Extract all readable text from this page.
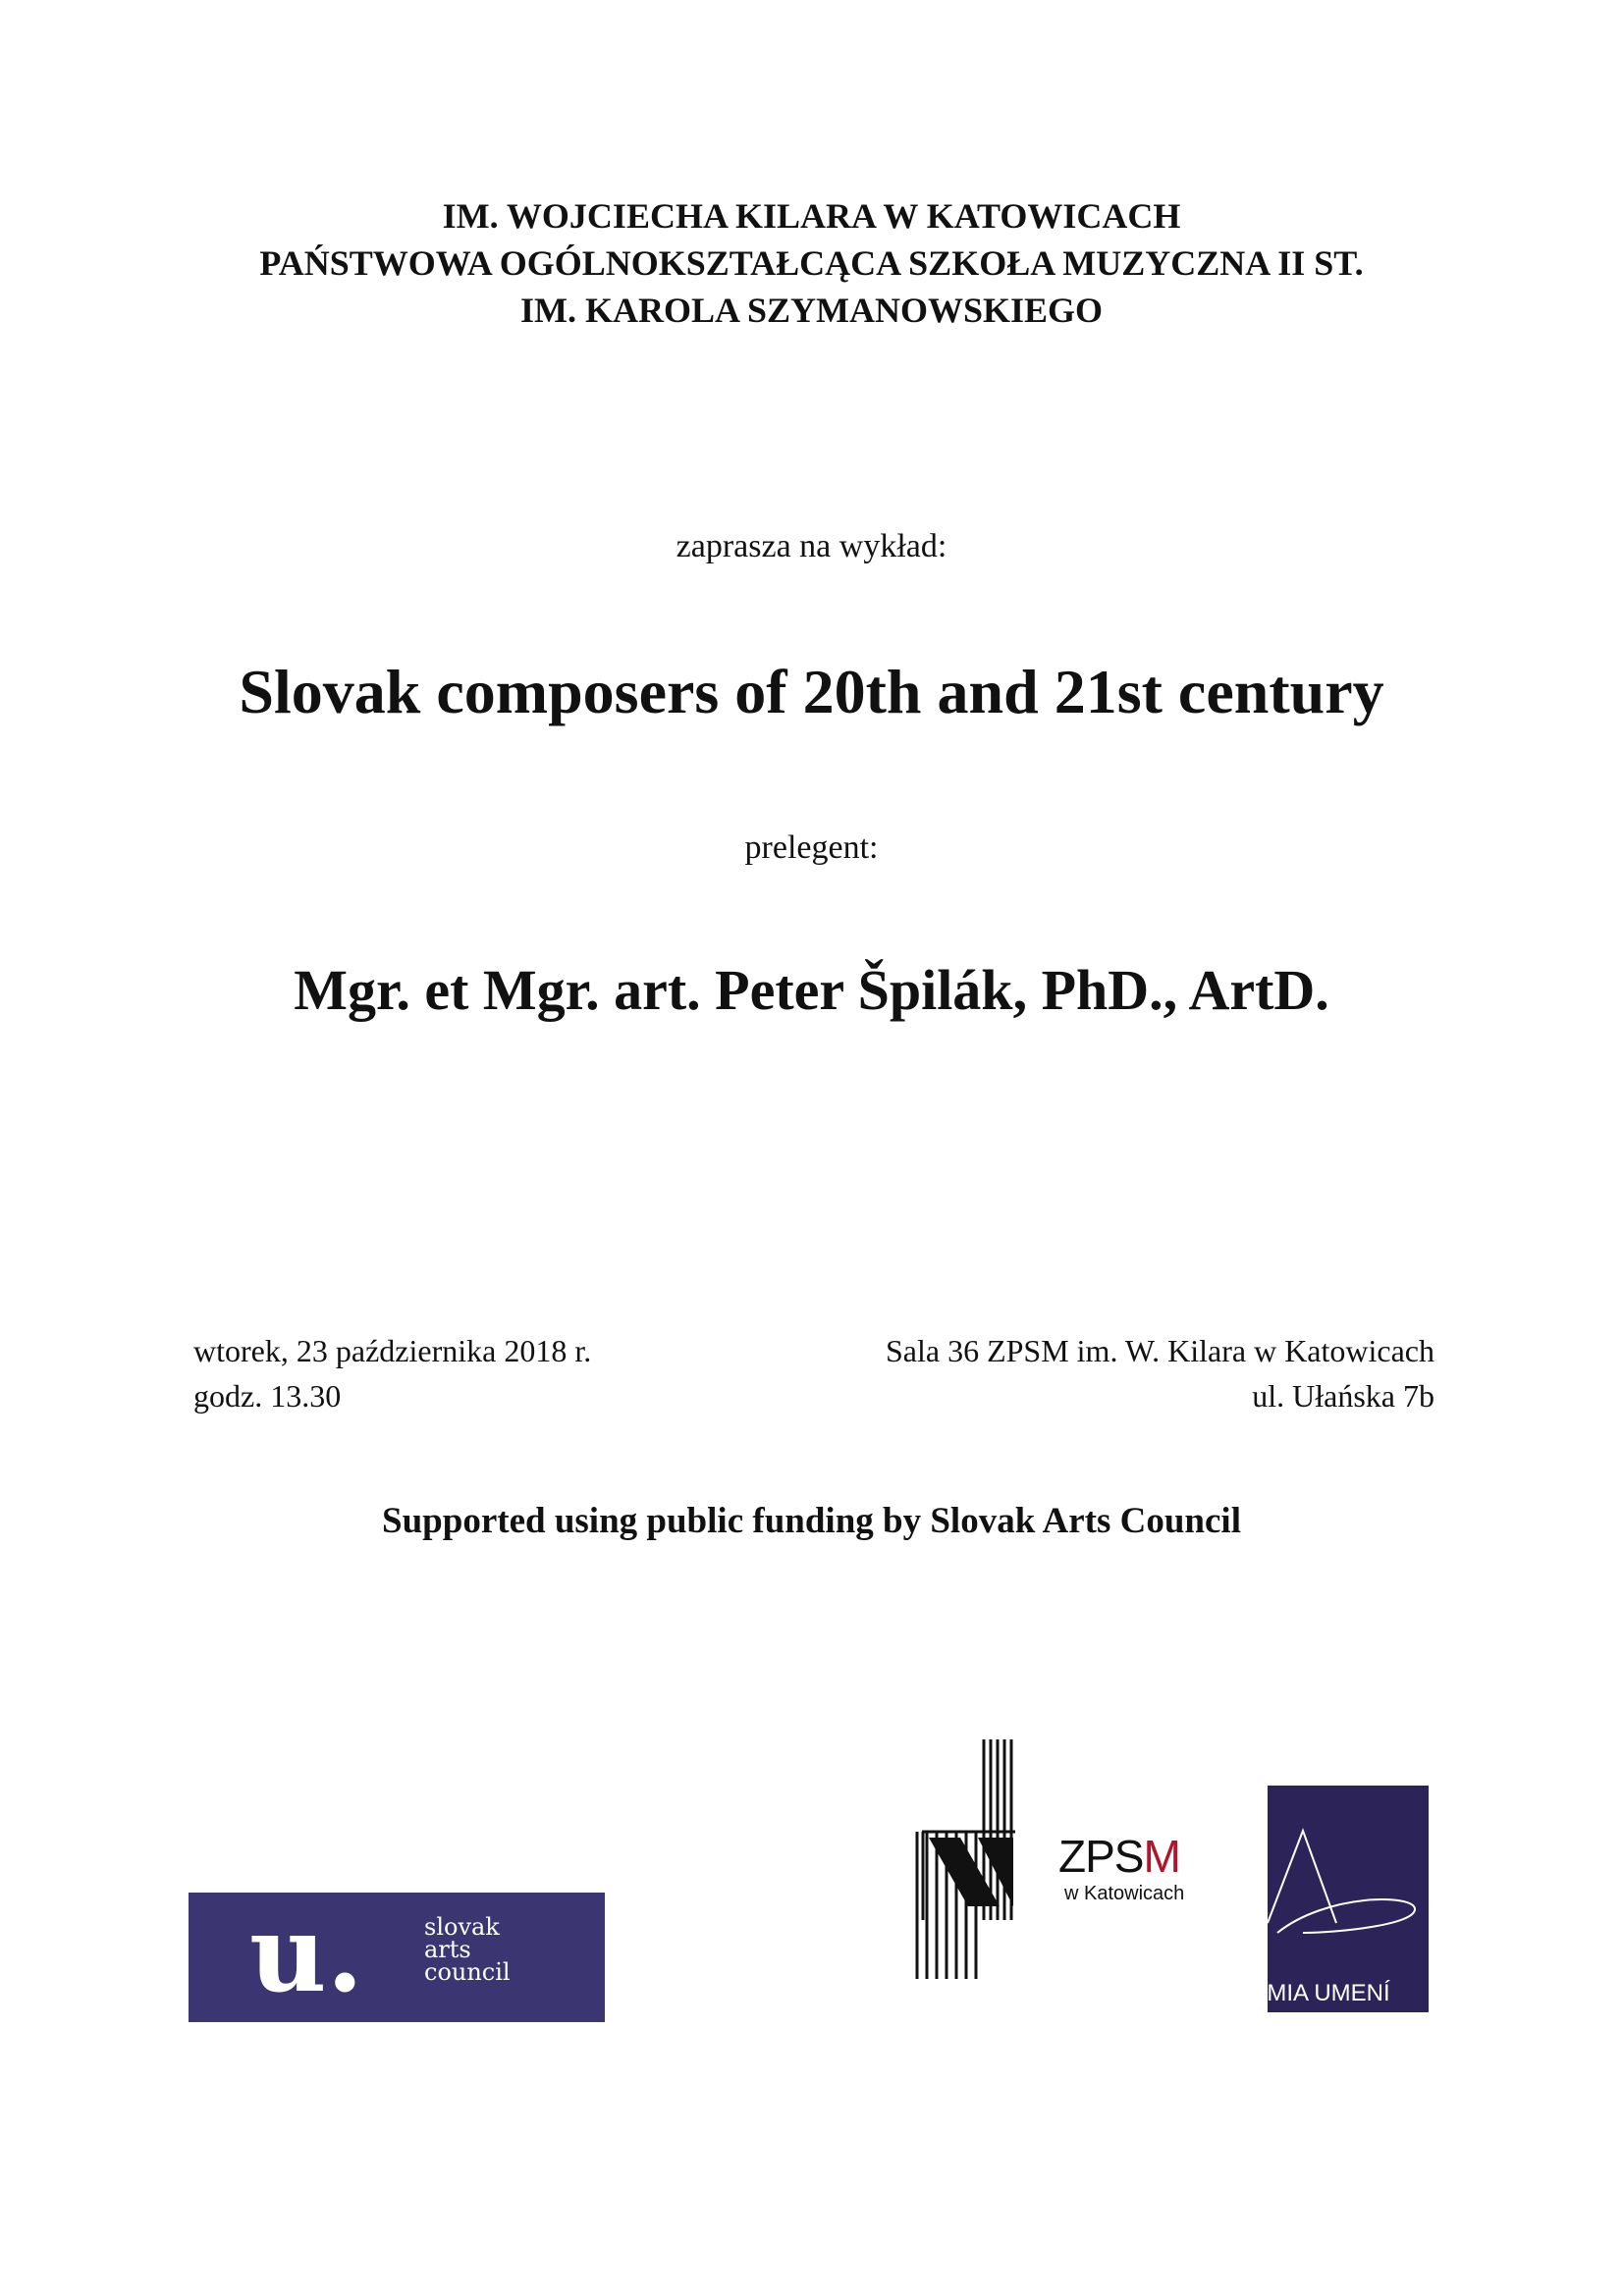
IM. WOJCIECHA KILARA W KATOWICACH
PAŃSTWOWA OGÓLNOKSZTAŁCĄCA SZKOŁA MUZYCZNA II ST.
IM. KAROLA SZYMANOWSKIEGO
zaprasza na wykład:
Slovak composers of 20th and 21st century
prelegent:
Mgr. et Mgr. art. Peter Špilák, PhD., ArtD.
wtorek, 23 października 2018 r.
godz. 13.30
Sala 36 ZPSM im. W. Kilara w Katowicach
ul. Ułańska 7b
Supported using public funding by Slovak Arts Council
u.	slovak
arts
council
ZPSM
w Katowicach
DÉMIA UMENÍ
